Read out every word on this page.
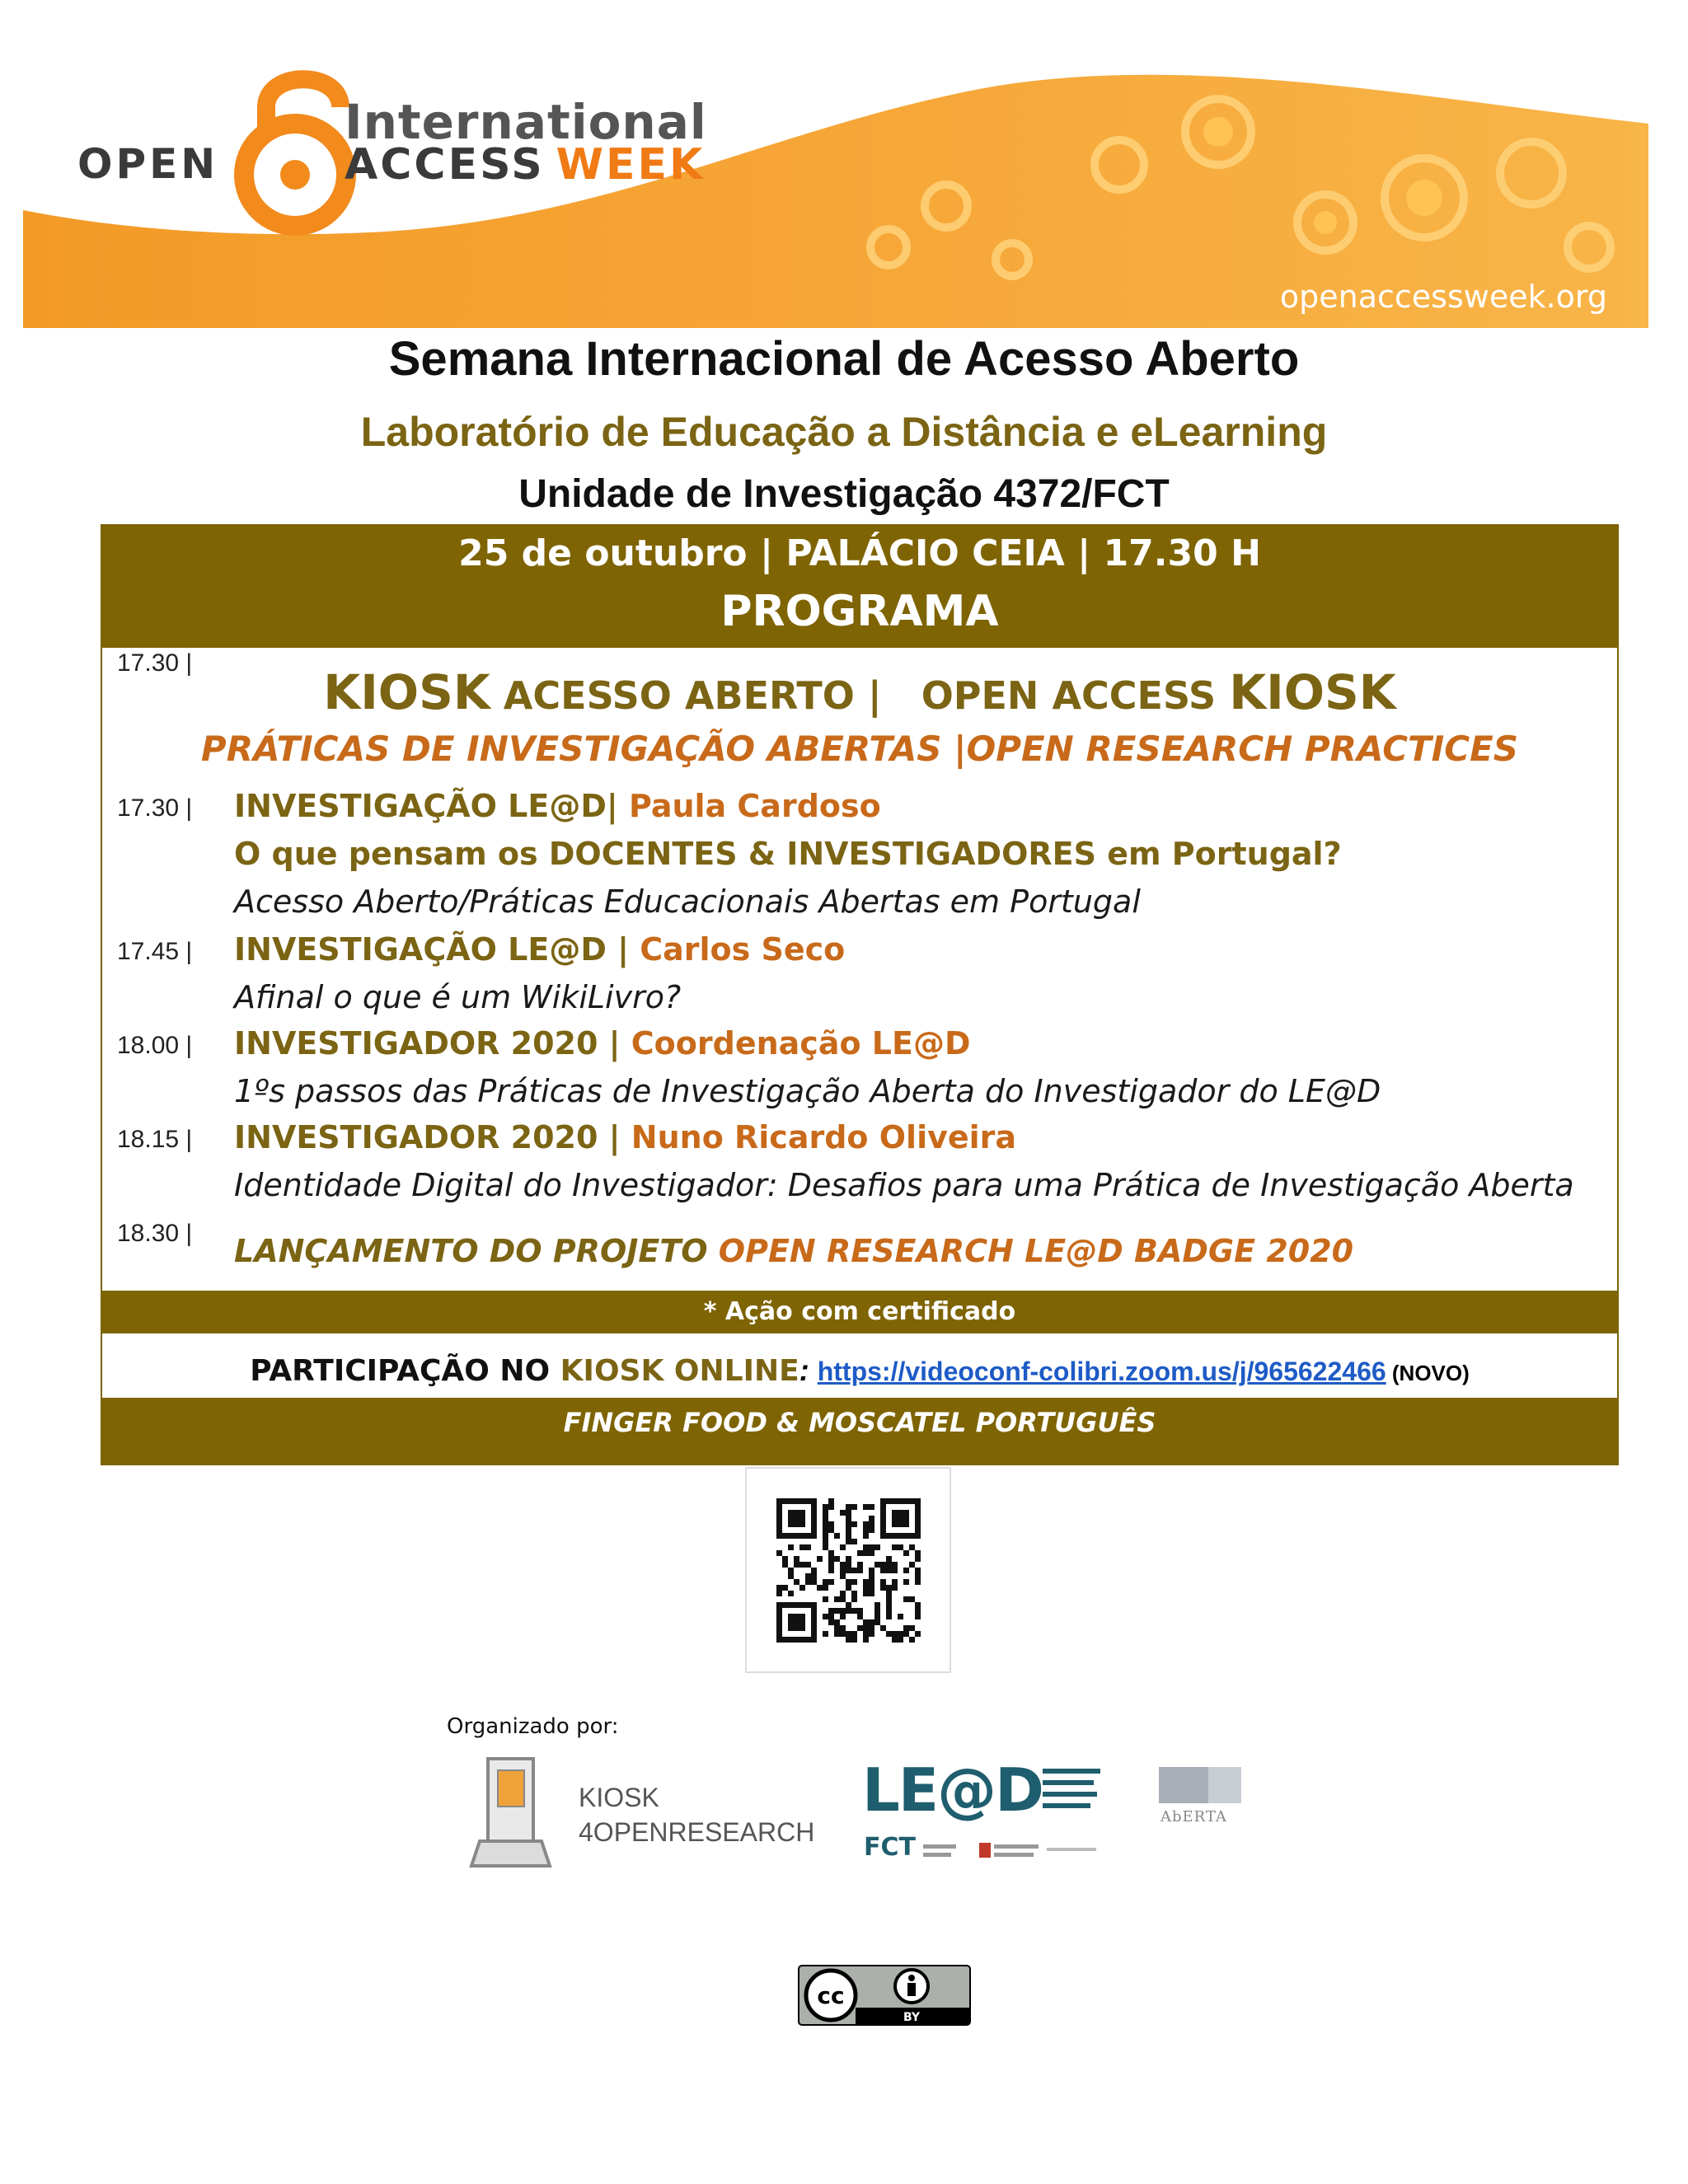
OPEN
International
ACCESS WEEK
openaccessweek.org
Semana Internacional de Acesso Aberto
Laboratório de Educação a Distância e eLearning
Unidade de Investigação 4372/FCT
25 de outubro | PALÁCIO CEIA | 17.30 H
PROGRAMA
17.30 |
KIOSK ACESSO ABERTO |   OPEN ACCESS KIOSK
PRÁTICAS DE INVESTIGAÇÃO ABERTAS |OPEN RESEARCH PRACTICES
17.30 | INVESTIGAÇÃO LE@D| Paula Cardoso
O que pensam os DOCENTES & INVESTIGADORES em Portugal?
Acesso Aberto/Práticas Educacionais Abertas em Portugal
17.45 | INVESTIGAÇÃO LE@D | Carlos Seco
Afinal o que é um WikiLivro?
18.00 | INVESTIGADOR 2020 | Coordenação LE@D
1ºs passos das Práticas de Investigação Aberta do Investigador do LE@D
18.15 | INVESTIGADOR 2020 | Nuno Ricardo Oliveira
Identidade Digital do Investigador: Desafios para uma Prática de Investigação Aberta
18.30 | LANÇAMENTO DO PROJETO OPEN RESEARCH LE@D BADGE 2020
* Ação com certificado
PARTICIPAÇÃO NO KIOSK ONLINE: https://videoconf-colibri.zoom.us/j/965622466 (NOVO)
FINGER FOOD & MOSCATEL PORTUGUÊS
Organizado por:
KIOSK
4OPENRESEARCH
LE@D
FCT
AbERTA
cc
BY
